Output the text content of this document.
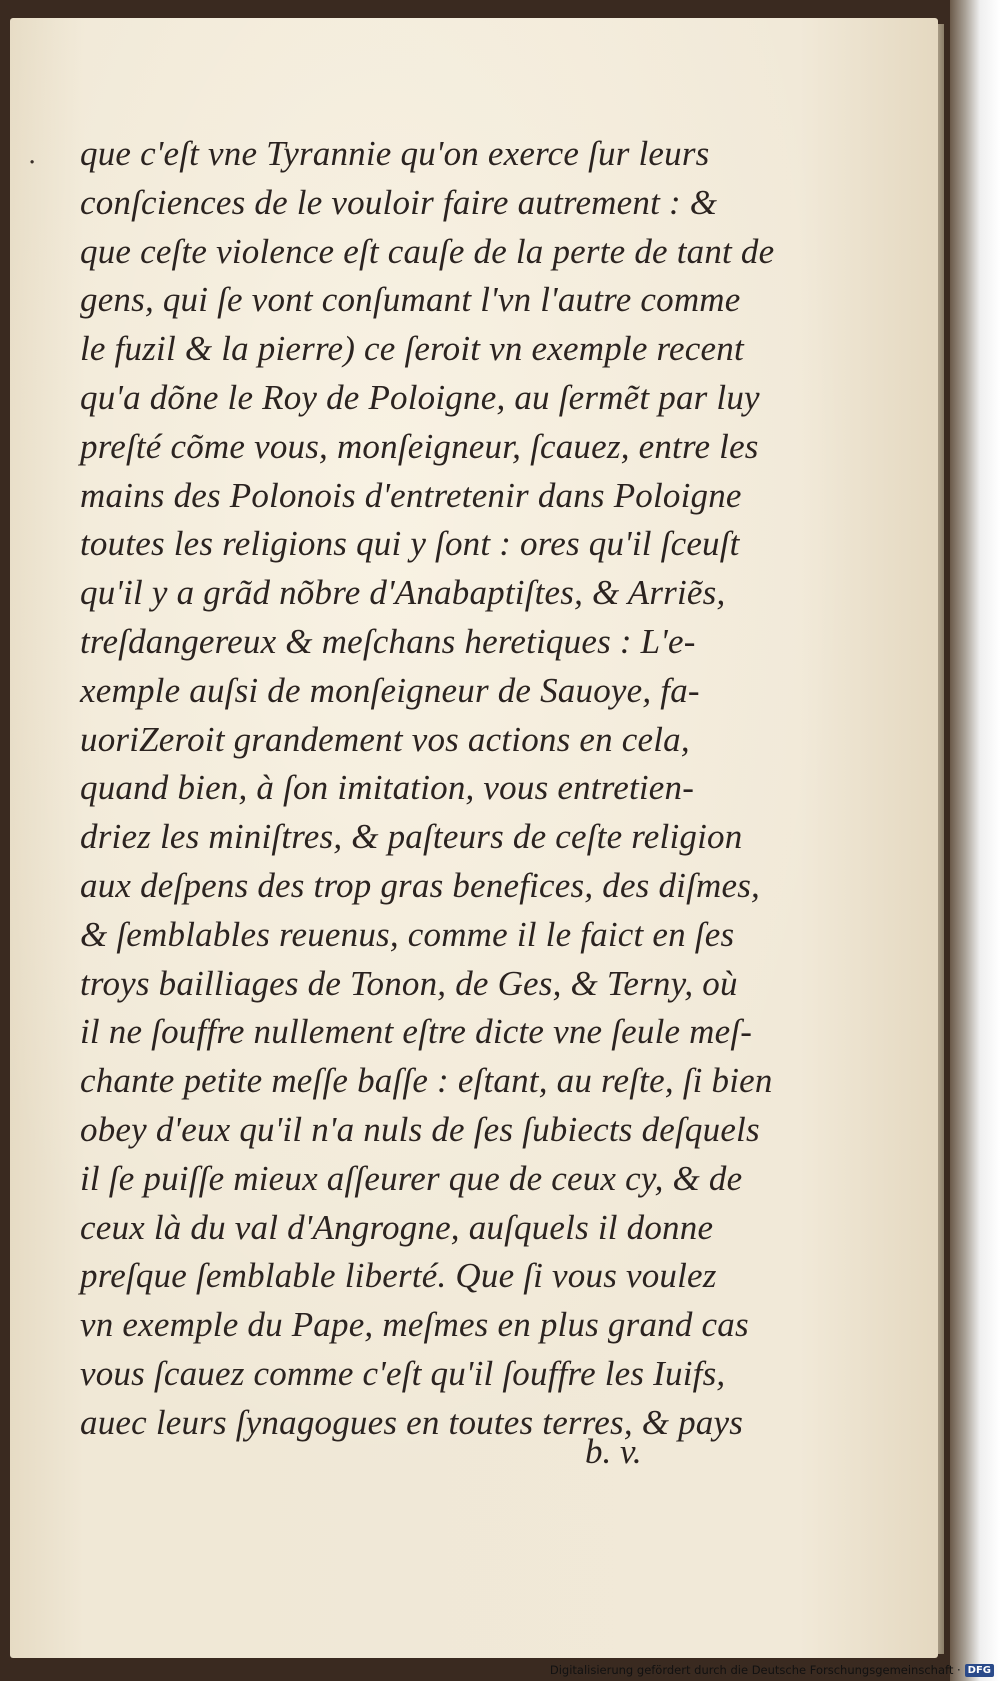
· que c'eſt vne Tyrannie qu'on exerce ſur leurs
conſciences de le vouloir faire autrement : &
que ceſte violence eſt cauſe de la perte de tant de
gens, qui ſe vont conſumant l'vn l'autre comme
le fuzil & la pierre) ce ſeroit vn exemple recent
qu'a dõne le Roy de Poloigne, au ſermẽt par luy
preſté cõme vous, monſeigneur, ſcauez, entre les
mains des Polonois d'entretenir dans Poloigne
toutes les religions qui y ſont : ores qu'il ſceuſt
qu'il y a grãd nõbre d'Anabaptiſtes, & Arriẽs,
treſdangereux & meſchans heretiques : L'e-
xemple auſsi de monſeigneur de Sauoye, fa-
uoriZeroit grandement vos actions en cela,
quand bien, à ſon imitation, vous entretien-
driez les miniſtres, & paſteurs de ceſte religion
aux deſpens des trop gras benefices, des diſmes,
& ſemblables reuenus, comme il le faict en ſes
troys bailliages de Tonon, de Ges, & Terny, où
il ne ſouffre nullement eſtre dicte vne ſeule meſ-
chante petite meſſe baſſe : eſtant, au reſte, ſi bien
obey d'eux qu'il n'a nuls de ſes ſubiects deſquels
il ſe puiſſe mieux aſſeurer que de ceux cy, & de
ceux là du val d'Angrogne, auſquels il donne
preſque ſemblable liberté. Que ſi vous voulez
vn exemple du Pape, meſmes en plus grand cas
vous ſcauez comme c'eſt qu'il ſouffre les Iuifs,
auec leurs ſynagogues en toutes terres, & pays
b. v.
Digitalisierung gefördert durch die Deutsche Forschungsgemeinschaft · DFG
